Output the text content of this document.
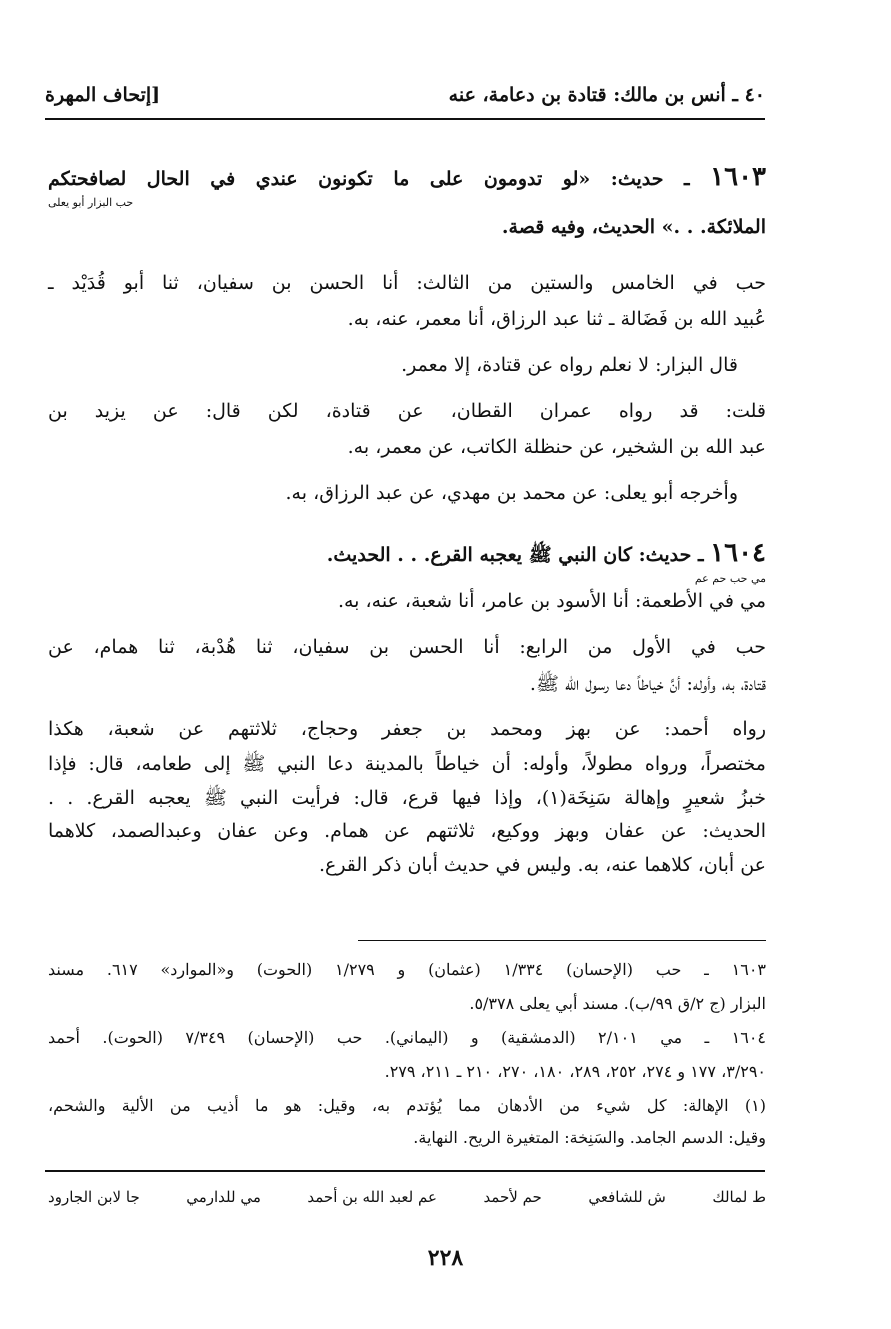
٤٠ ـ أنس بن مالك: قتادة بن دعامة، عنه
[إتحاف المهرة
١٦٠٣ ـ حديث: «لو تدومون على ما تكونون عندي في الحال لصافحتكم
حب البزار أبو يعلى
الملائكة. . .» الحديث، وفيه قصة.
حب في الخامس والستين من الثالث: أنا الحسن بن سفيان، ثنا أبو قُدَيْد ـ
عُبيد الله بن فَضَالة ـ ثنا عبد الرزاق، أنا معمر، عنه، به.
قال البزار: لا نعلم رواه عن قتادة، إلا معمر.
قلت: قد رواه عمران القطان، عن قتادة، لكن قال: عن يزيد بن
عبد الله بن الشخير، عن حنظلة الكاتب، عن معمر، به.
وأخرجه أبو يعلى: عن محمد بن مهدي، عن عبد الرزاق، به.
١٦٠٤ ـ حديث: كان النبي ﷺ يعجبه القرع. . . الحديث.
مي حب حم عم
مي في الأطعمة: أنا الأسود بن عامر، أنا شعبة، عنه، به.
حب في الأول من الرابع: أنا الحسن بن سفيان، ثنا هُدْبة، ثنا همام، عن
قتادة، به، وأوله: أنَّ خياطاً دعا رسول الله ﷺ.
رواه أحمد: عن بهز ومحمد بن جعفر وحجاج، ثلاثتهم عن شعبة، هكذا
مختصراً، ورواه مطولاً، وأوله: أن خياطاً بالمدينة دعا النبي ﷺ إلى طعامه، قال: فإذا
خبزُ شعيرٍ وإهالة سَنِخَة(١)، وإذا فيها قرع، قال: فرأيت النبي ﷺ يعجبه القرع. . .
الحديث: عن عفان وبهز ووكيع، ثلاثتهم عن همام. وعن عفان وعبدالصمد، كلاهما
عن أبان، كلاهما عنه، به. وليس في حديث أبان ذكر القرع.
١٦٠٣ ـ حب (الإحسان) ١/٣٣٤ (عثمان) و ١/٢٧٩ (الحوت) و«الموارد» ٦١٧. مسند
البزار (ج ٢/ق ٩٩/ب). مسند أبي يعلى ٥/٣٧٨.
١٦٠٤ ـ مي ٢/١٠١ (الدمشقية) و (اليماني). حب (الإحسان) ٧/٣٤٩ (الحوت). أحمد
٣/٢٩٠، ١٧٧ و ٢٧٤، ٢٥٢، ٢٨٩، ١٨٠، ٢٧٠، ٢١٠ ـ ٢١١، ٢٧٩.
(١) الإهالة: كل شيء من الأدهان مما يُؤتدم به، وقيل: هو ما أذيب من الألية والشحم،
وقيل: الدسم الجامد. والسَنِخة: المتغيرة الريح. النهاية.
ط لمالك
ش للشافعي
حم لأحمد
عم لعبد الله بن أحمد
مي للدارمي
جا لابن الجارود
٢٢٨
